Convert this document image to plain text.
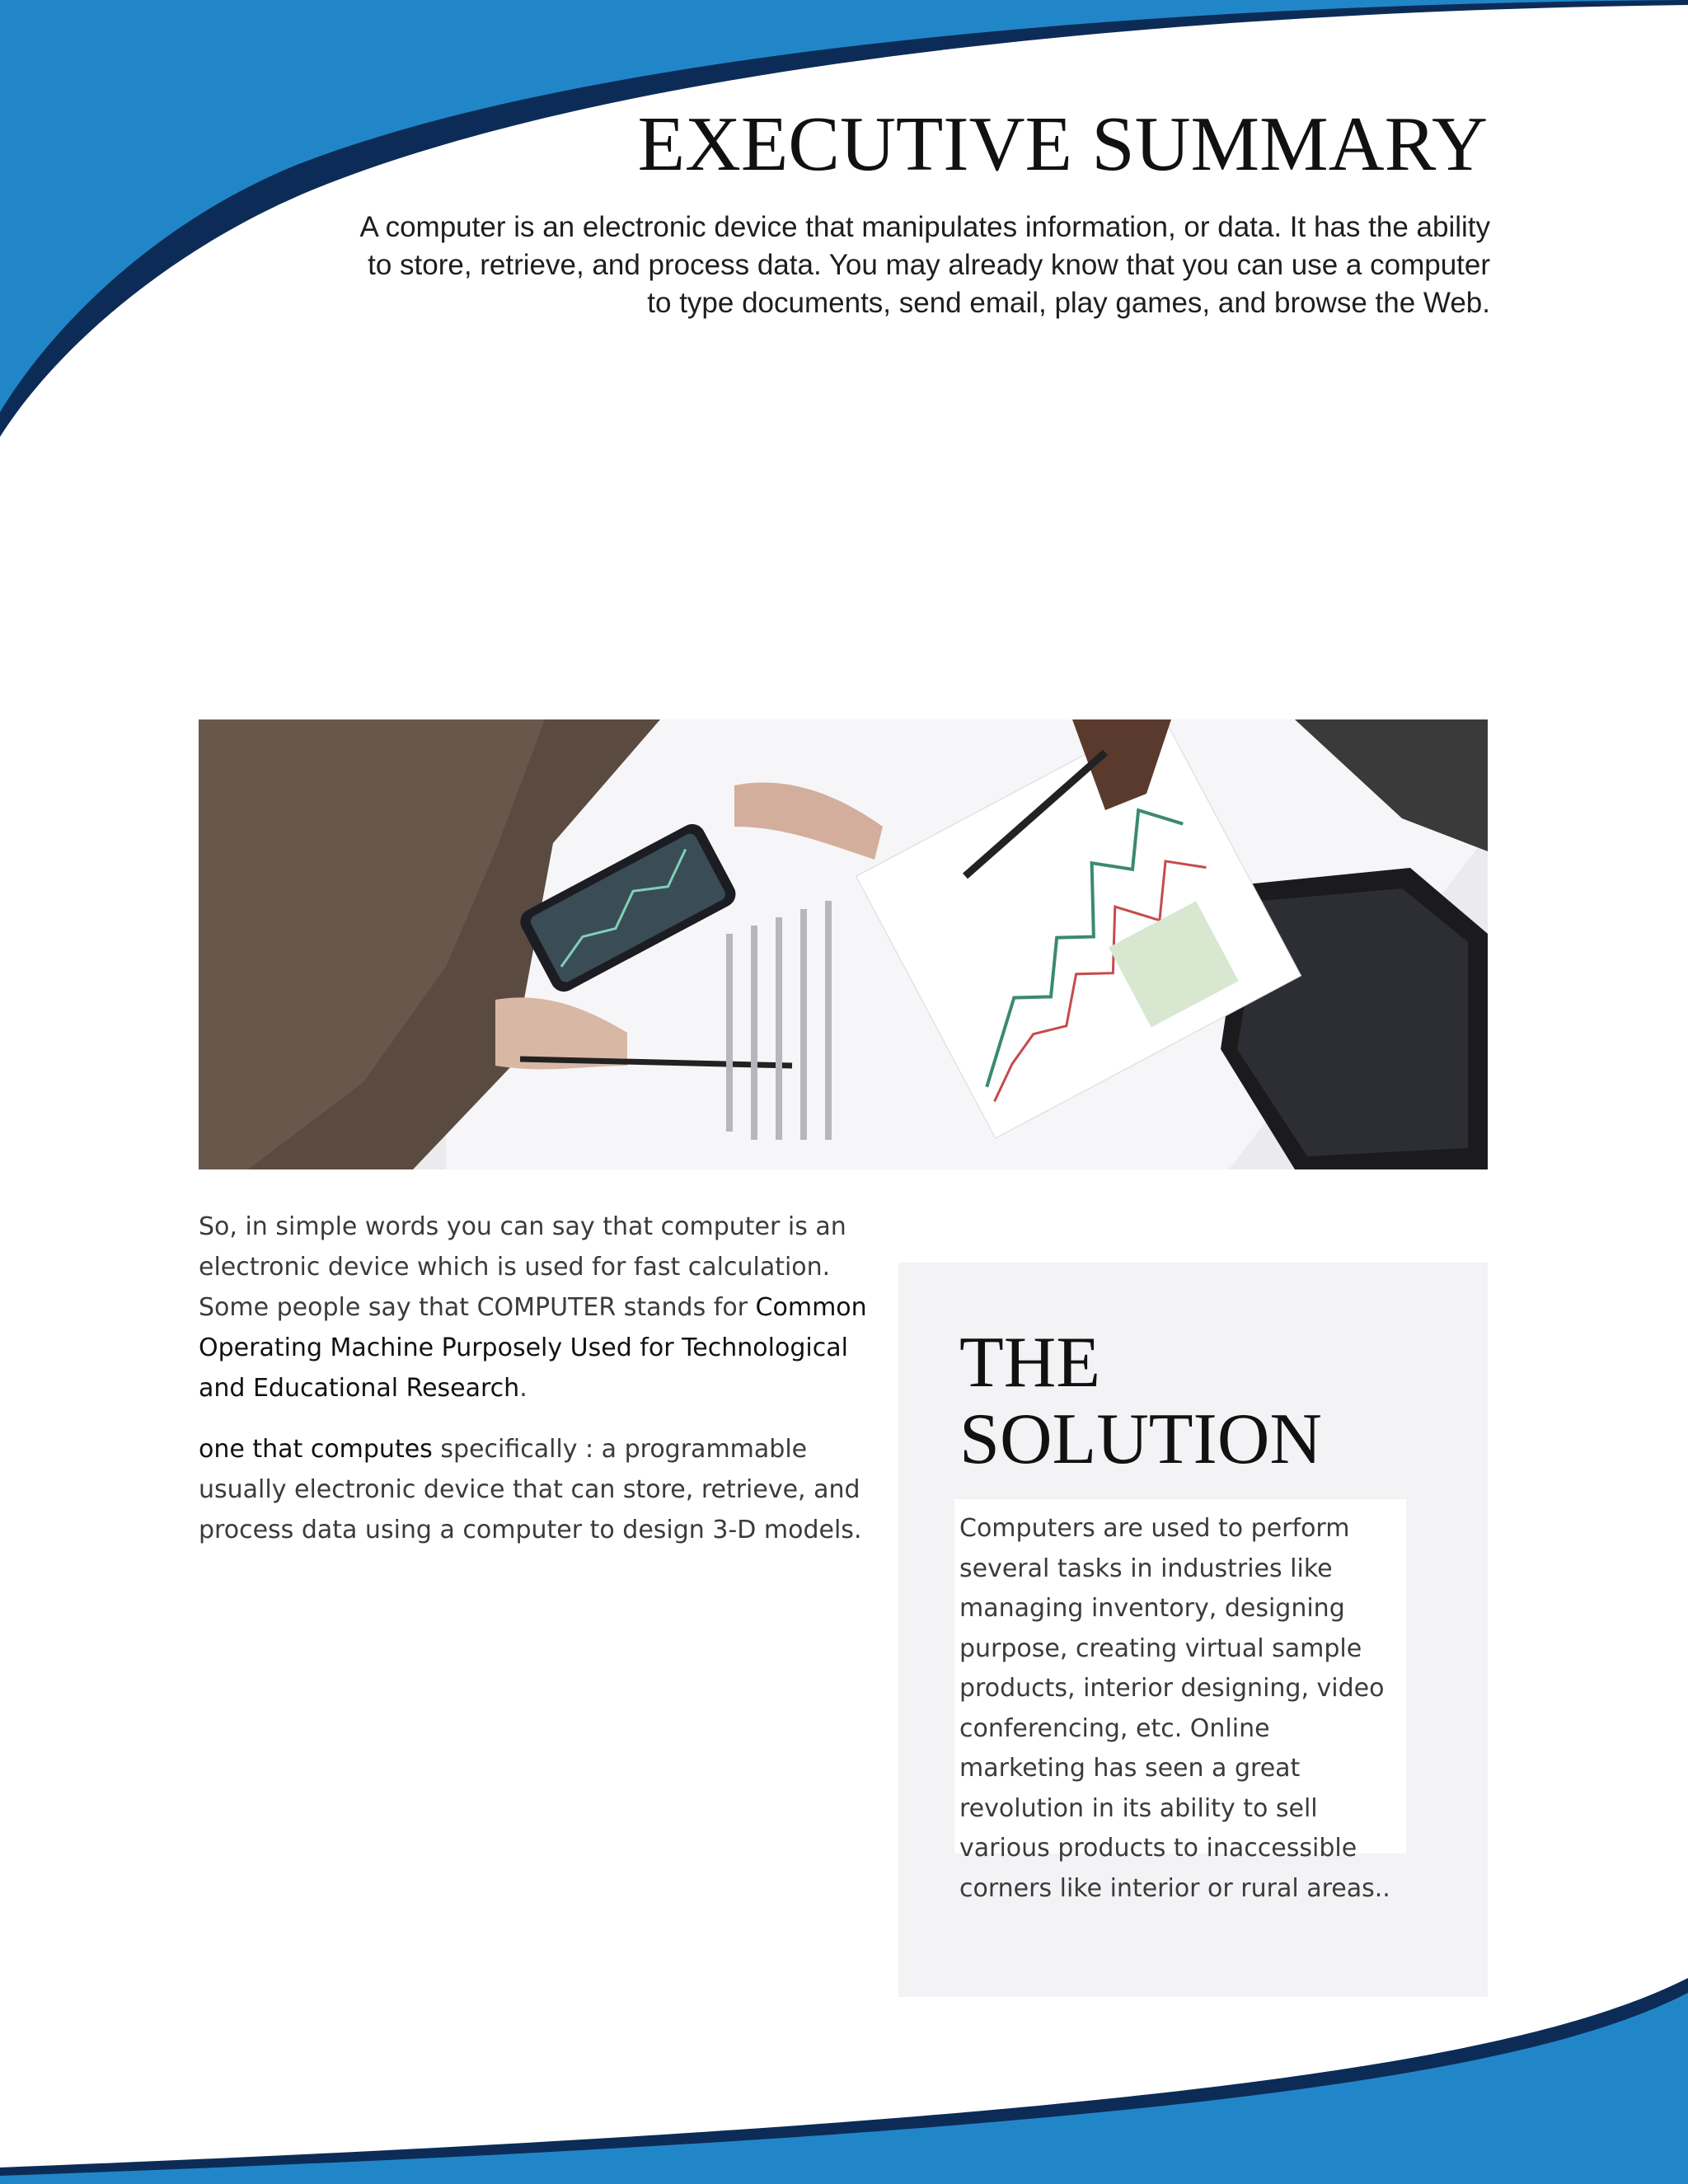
EXECUTIVE SUMMARY

A computer is an electronic device that manipulates information, or data. It has the ability to store, retrieve, and process data. You may already know that you can use a computer to type documents, send email, play games, and browse the Web.

So, in simple words you can say that computer is an electronic device which is used for fast calculation. Some people say that COMPUTER stands for Common Operating Machine Purposely Used for Technological and Educational Research.

one that computes specifically : a programmable usually electronic device that can store, retrieve, and process data using a computer to design 3-D models.

THE
SOLUTION
Computers are used to perform several tasks in industries like managing inventory, designing purpose, creating virtual sample products, interior designing, video conferencing, etc. Online marketing has seen a great revolution in its ability to sell various products to inaccessible corners like interior or rural areas..
